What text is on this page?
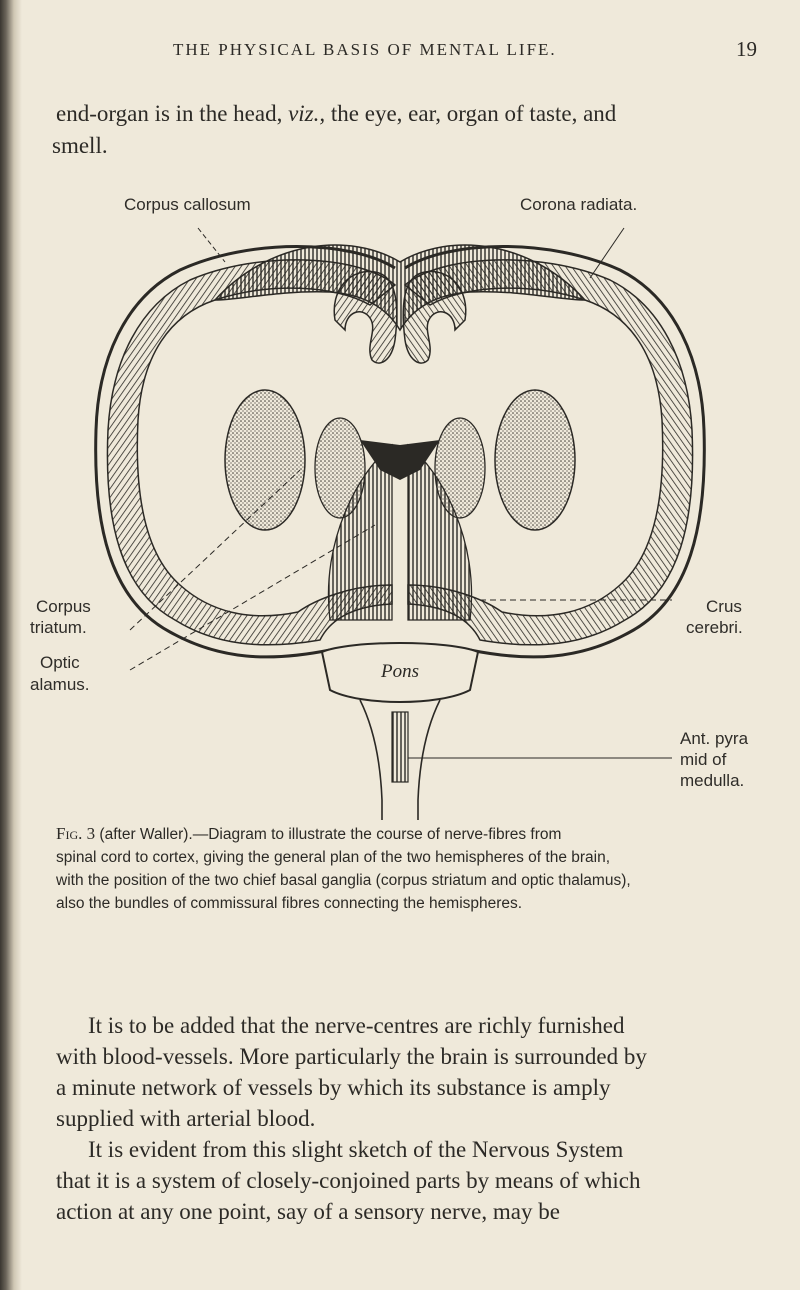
THE PHYSICAL BASIS OF MENTAL LIFE.	19
end-organ is in the head, viz., the eye, ear, organ of taste, and
smell.
Pons
Corpus callosum	Corona radiata.
Corpus
triatum.
Optic
alamus.
Crus
cerebri.
Ant. pyra
mid of
medulla.
Fig. 3 (after Waller).—Diagram to illustrate the course of nerve-fibres from
spinal cord to cortex, giving the general plan of the two hemispheres of the brain,
with the position of the two chief basal ganglia (corpus striatum and optic thalamus),
also the bundles of commissural fibres connecting the hemispheres.
It is to be added that the nerve-centres are richly furnished
with blood-vessels. More particularly the brain is surrounded by
a minute network of vessels by which its substance is amply
supplied with arterial blood.
It is evident from this slight sketch of the Nervous System
that it is a system of closely-conjoined parts by means of which
action at any one point, say of a sensory nerve, may be
